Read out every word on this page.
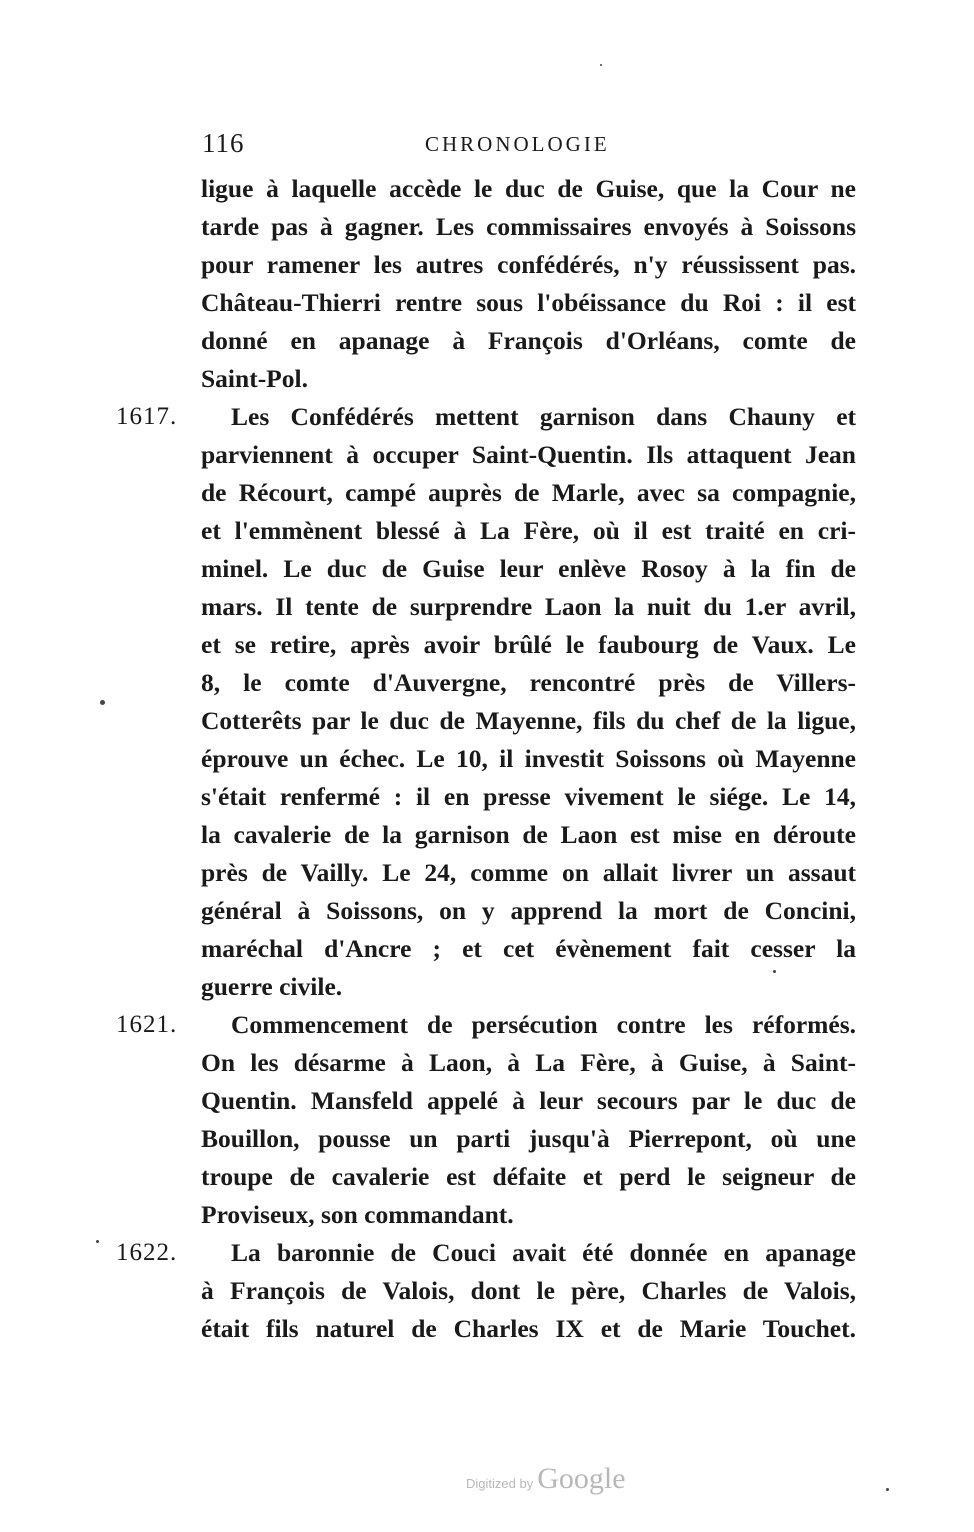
116	CHRONOLOGIE
ligue à laquelle accède le duc de Guise, que la Cour ne
tarde pas à gagner. Les commissaires envoyés à Soissons
pour ramener les autres confédérés, n'y réussissent pas.
Château-Thierri rentre sous l'obéissance du Roi : il est
donné en apanage à François d'Orléans, comte de
Saint-Pol.
1617. Les Confédérés mettent garnison dans Chauny et
parviennent à occuper Saint-Quentin. Ils attaquent Jean
de Récourt, campé auprès de Marle, avec sa compagnie,
et l'emmènent blessé à La Fère, où il est traité en cri-
minel. Le duc de Guise leur enlève Rosoy à la fin de
mars. Il tente de surprendre Laon la nuit du 1.er avril,
et se retire, après avoir brûlé le faubourg de Vaux. Le
8, le comte d'Auvergne, rencontré près de Villers-
Cotterêts par le duc de Mayenne, fils du chef de la ligue,
éprouve un échec. Le 10, il investit Soissons où Mayenne
s'était renfermé : il en presse vivement le siége. Le 14,
la cavalerie de la garnison de Laon est mise en déroute
près de Vailly. Le 24, comme on allait livrer un assaut
général à Soissons, on y apprend la mort de Concini,
maréchal d'Ancre ; et cet évènement fait cesser la
guerre civile.
1621. Commencement de persécution contre les réformés.
On les désarme à Laon, à La Fère, à Guise, à Saint-
Quentin. Mansfeld appelé à leur secours par le duc de
Bouillon, pousse un parti jusqu'à Pierrepont, où une
troupe de cavalerie est défaite et perd le seigneur de
Proviseux, son commandant.
1622. La baronnie de Couci avait été donnée en apanage
à François de Valois, dont le père, Charles de Valois,
était fils naturel de Charles IX et de Marie Touchet.
Digitized by Google
